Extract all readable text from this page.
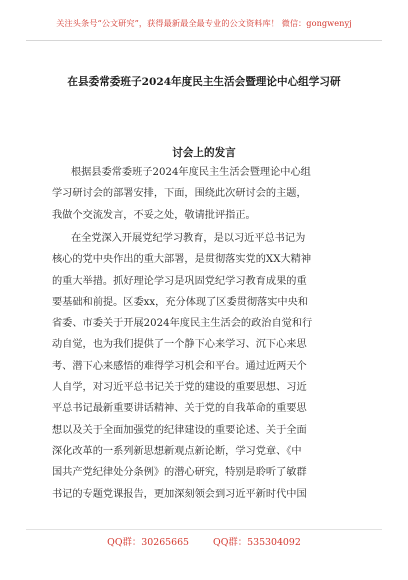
关注头条号“公文研究”，获得最新最全最专业的公文资料库！ 微信：gongwenyj
在县委常委班子2024年度民主生活会暨理论中心组学习研
讨会上的发言
根据县委常委班子2024年度民主生活会暨理论中心组
学习研讨会的部署安排，下面，围绕此次研讨会的主题，
我做个交流发言，不妥之处，敬请批评指正。
在全党深入开展党纪学习教育，是以习近平总书记为
核心的党中央作出的重大部署，是贯彻落实党的XX大精神
的重大举措。抓好理论学习是巩固党纪学习教育成果的重
要基础和前提。区委xx，充分体现了区委贯彻落实中央和
省委、市委关于开展2024年度民主生活会的政治自觉和行
动自觉，也为我们提供了一个静下心来学习、沉下心来思
考、潜下心来感悟的难得学习机会和平台。通过近两天个
人自学，对习近平总书记关于党的建设的重要思想、习近
平总书记最新重要讲话精神、关于党的自我革命的重要思
想以及关于全面加强党的纪律建设的重要论述、关于全面
深化改革的一系列新思想新观点新论断，学习党章、《中
国共产党纪律处分条例》的潜心研究，特别是聆听了敏群
书记的专题党课报告，更加深刻领会到习近平新时代中国
QQ群：30265665	QQ群：535304092
